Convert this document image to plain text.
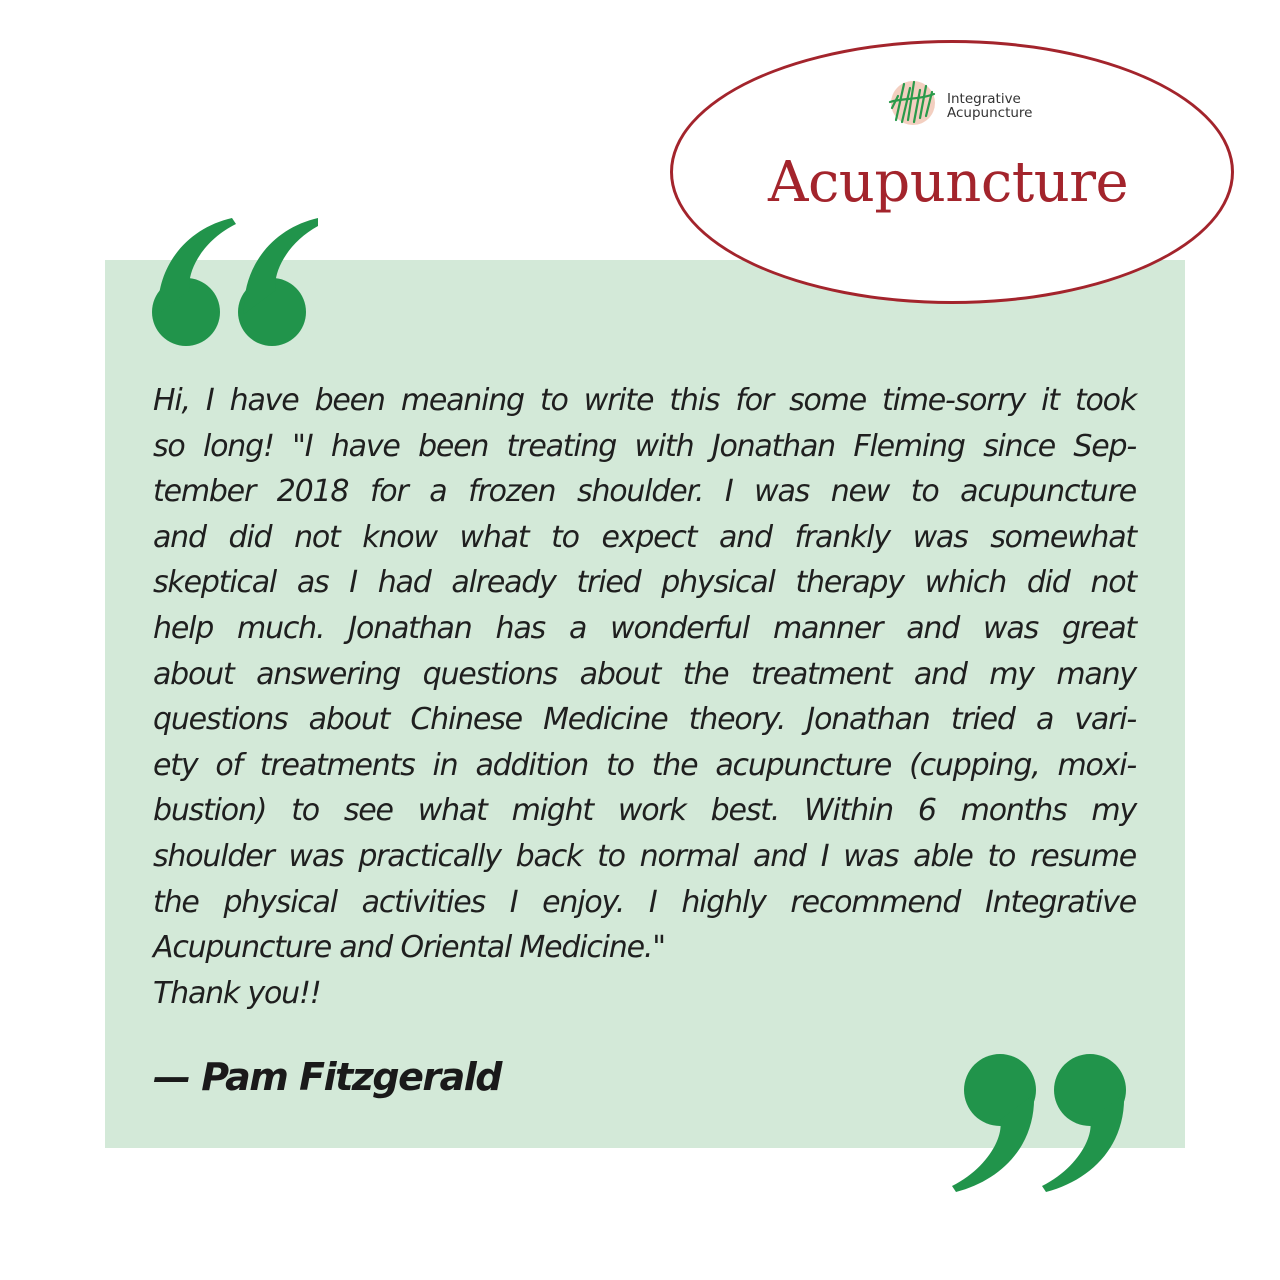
Hi, I have been meaning to write this for some time-sorry it took
so long! "I have been treating with Jonathan Fleming since Sep-
tember 2018 for a frozen shoulder. I was new to acupuncture
and did not know what to expect and frankly was somewhat
skeptical as I had already tried physical therapy which did not
help much. Jonathan has a wonderful manner and was great
about answering questions about the treatment and my many
questions about Chinese Medicine theory. Jonathan tried a vari-
ety of treatments in addition to the acupuncture (cupping, moxi-
bustion) to see what might work best. Within 6 months my
shoulder was practically back to normal and I was able to resume
the physical activities I enjoy. I highly recommend Integrative
Acupuncture and Oriental Medicine."
Thank you!!
— Pam Fitzgerald
Integrative
Acupuncture
Acupuncture
